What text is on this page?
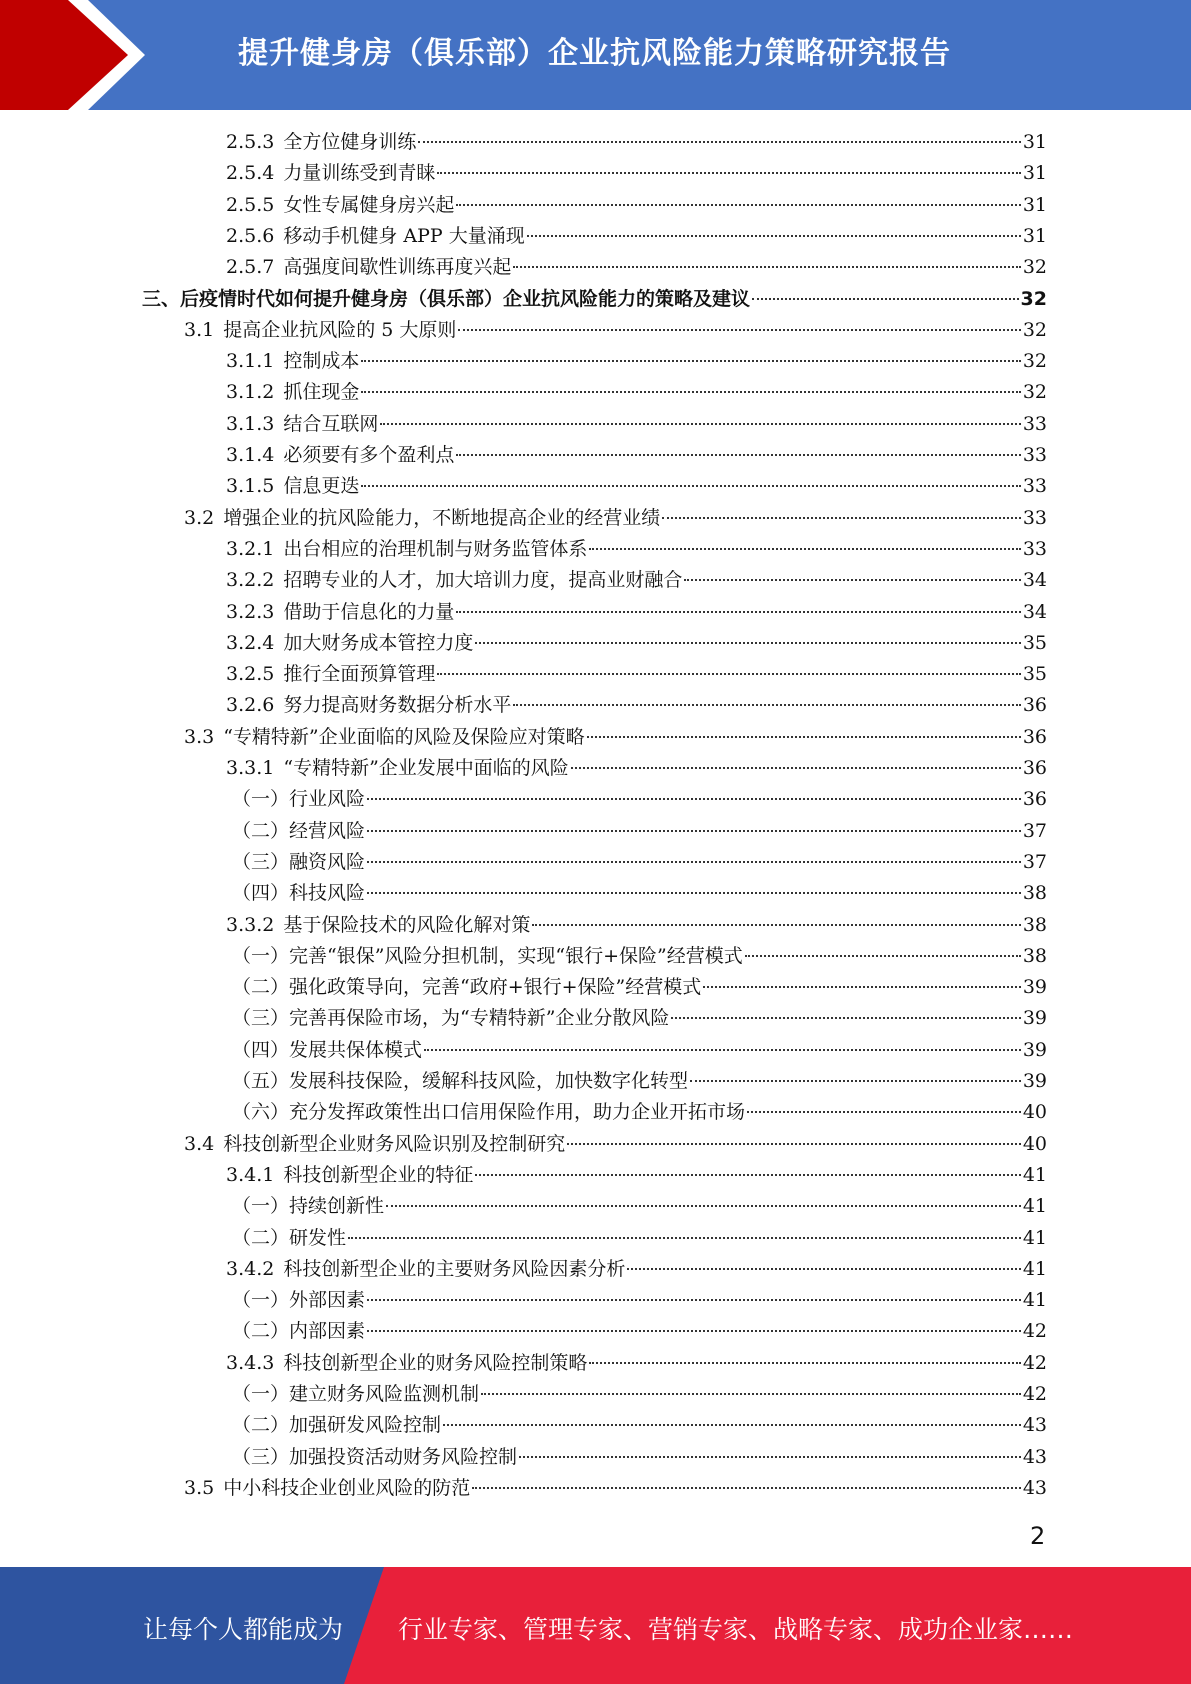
提升健身房（俱乐部）企业抗风险能力策略研究报告
2.5.3 全方位健身训练	31
2.5.4 力量训练受到青睐	31
2.5.5 女性专属健身房兴起	31
2.5.6 移动手机健身 APP 大量涌现	31
2.5.7 高强度间歇性训练再度兴起	32
三、后疫情时代如何提升健身房（俱乐部）企业抗风险能力的策略及建议	32
3.1 提高企业抗风险的 5 大原则	32
3.1.1 控制成本	32
3.1.2 抓住现金	32
3.1.3 结合互联网	33
3.1.4 必须要有多个盈利点	33
3.1.5 信息更迭	33
3.2 增强企业的抗风险能力，不断地提高企业的经营业绩	33
3.2.1 出台相应的治理机制与财务监管体系	33
3.2.2 招聘专业的人才，加大培训力度，提高业财融合	34
3.2.3 借助于信息化的力量	34
3.2.4 加大财务成本管控力度	35
3.2.5 推行全面预算管理	35
3.2.6 努力提高财务数据分析水平	36
3.3 “专精特新”企业面临的风险及保险应对策略	36
3.3.1 “专精特新”企业发展中面临的风险	36
（一）行业风险	36
（二）经营风险	37
（三）融资风险	37
（四）科技风险	38
3.3.2 基于保险技术的风险化解对策	38
（一）完善“银保”风险分担机制，实现“银行+保险”经营模式	38
（二）强化政策导向，完善“政府+银行+保险”经营模式	39
（三）完善再保险市场，为“专精特新”企业分散风险	39
（四）发展共保体模式	39
（五）发展科技保险，缓解科技风险，加快数字化转型	39
（六）充分发挥政策性出口信用保险作用，助力企业开拓市场	40
3.4 科技创新型企业财务风险识别及控制研究	40
3.4.1 科技创新型企业的特征	41
（一）持续创新性	41
（二）研发性	41
3.4.2 科技创新型企业的主要财务风险因素分析	41
（一）外部因素	41
（二）内部因素	42
3.4.3 科技创新型企业的财务风险控制策略	42
（一）建立财务风险监测机制	42
（二）加强研发风险控制	43
（三）加强投资活动财务风险控制	43
3.5 中小科技企业创业风险的防范	43
2
让每个人都能成为 行业专家、管理专家、营销专家、战略专家、成功企业家……
